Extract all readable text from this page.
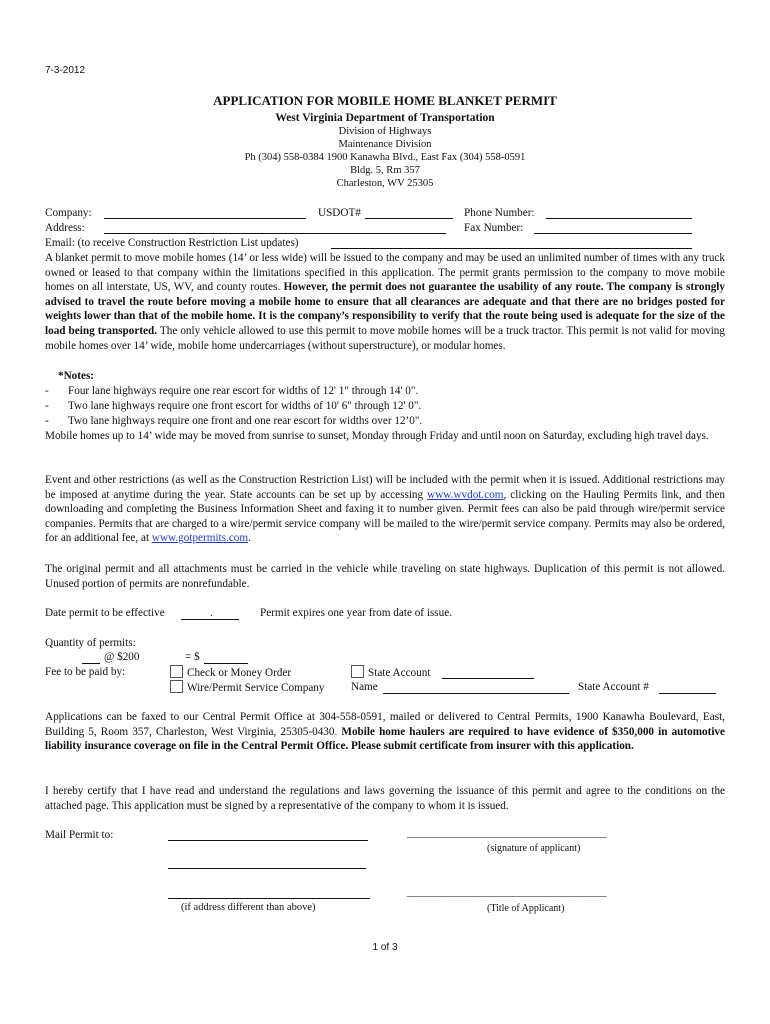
7-3-2012
APPLICATION FOR MOBILE HOME BLANKET PERMIT
West Virginia Department of Transportation
Division of Highways
Maintenance Division
Ph (304) 558-0384 1900 Kanawha Blvd., East Fax (304) 558-0591
Bldg. 5, Rm 357
Charleston, WV 25305
Company:	USDOT#	Phone Number:
Address:	Fax Number:
Email: (to receive Construction Restriction List updates)
A blanket permit to move mobile homes (14’ or less wide) will be issued to the company and may be used an unlimited number of times with any truck owned or leased to that company within the limitations specified in this application. The permit grants permission to the company to move mobile homes on all interstate, US, WV, and county routes. However, the permit does not guarantee the usability of any route. The company is strongly advised to travel the route before moving a mobile home to ensure that all clearances are adequate and that there are no bridges posted for weights lower than that of the mobile home. It is the company’s responsibility to verify that the route being used is adequate for the size of the load being transported. The only vehicle allowed to use this permit to move mobile homes will be a truck tractor. This permit is not valid for moving mobile homes over 14’ wide, mobile home undercarriages (without superstructure), or modular homes.
*Notes:
- Four lane highways require one rear escort for widths of 12' 1" through 14' 0".
- Two lane highways require one front escort for widths of 10' 6" through 12' 0".
- Two lane highways require one front and one rear escort for widths over 12’0".
Mobile homes up to 14’ wide may be moved from sunrise to sunset, Monday through Friday and until noon on Saturday, excluding high travel days.
Event and other restrictions (as well as the Construction Restriction List) will be included with the permit when it is issued. Additional restrictions may be imposed at anytime during the year. State accounts can be set up by accessing www.wvdot.com, clicking on the Hauling Permits link, and then downloading and completing the Business Information Sheet and faxing it to number given. Permit fees can also be paid through wire/permit service companies. Permits that are charged to a wire/permit service company will be mailed to the wire/permit service company. Permits may also be ordered, for an additional fee, at www.gotpermits.com.
The original permit and all attachments must be carried in the vehicle while traveling on state highways. Duplication of this permit is not allowed. Unused portion of permits are nonrefundable.
Date permit to be effective	.	Permit expires one year from date of issue.
Quantity of permits:
@ $200	= $
Fee to be paid by:	Check or Money Order	State Account
Wire/Permit Service Company Name	State Account #
Applications can be faxed to our Central Permit Office at 304-558-0591, mailed or delivered to Central Permits, 1900 Kanawha Boulevard, East, Building 5, Room 357, Charleston, West Virginia, 25305-0430. Mobile home haulers are required to have evidence of $350,000 in automotive liability insurance coverage on file in the Central Permit Office. Please submit certificate from insurer with this application.
I hereby certify that I have read and understand the regulations and laws governing the issuance of this permit and agree to the conditions on the attached page. This application must be signed by a representative of the company to whom it is issued.
Mail Permit to:
(if address different than above)
______________________________________
(signature of applicant)
______________________________________
(Title of Applicant)
1 of 3
